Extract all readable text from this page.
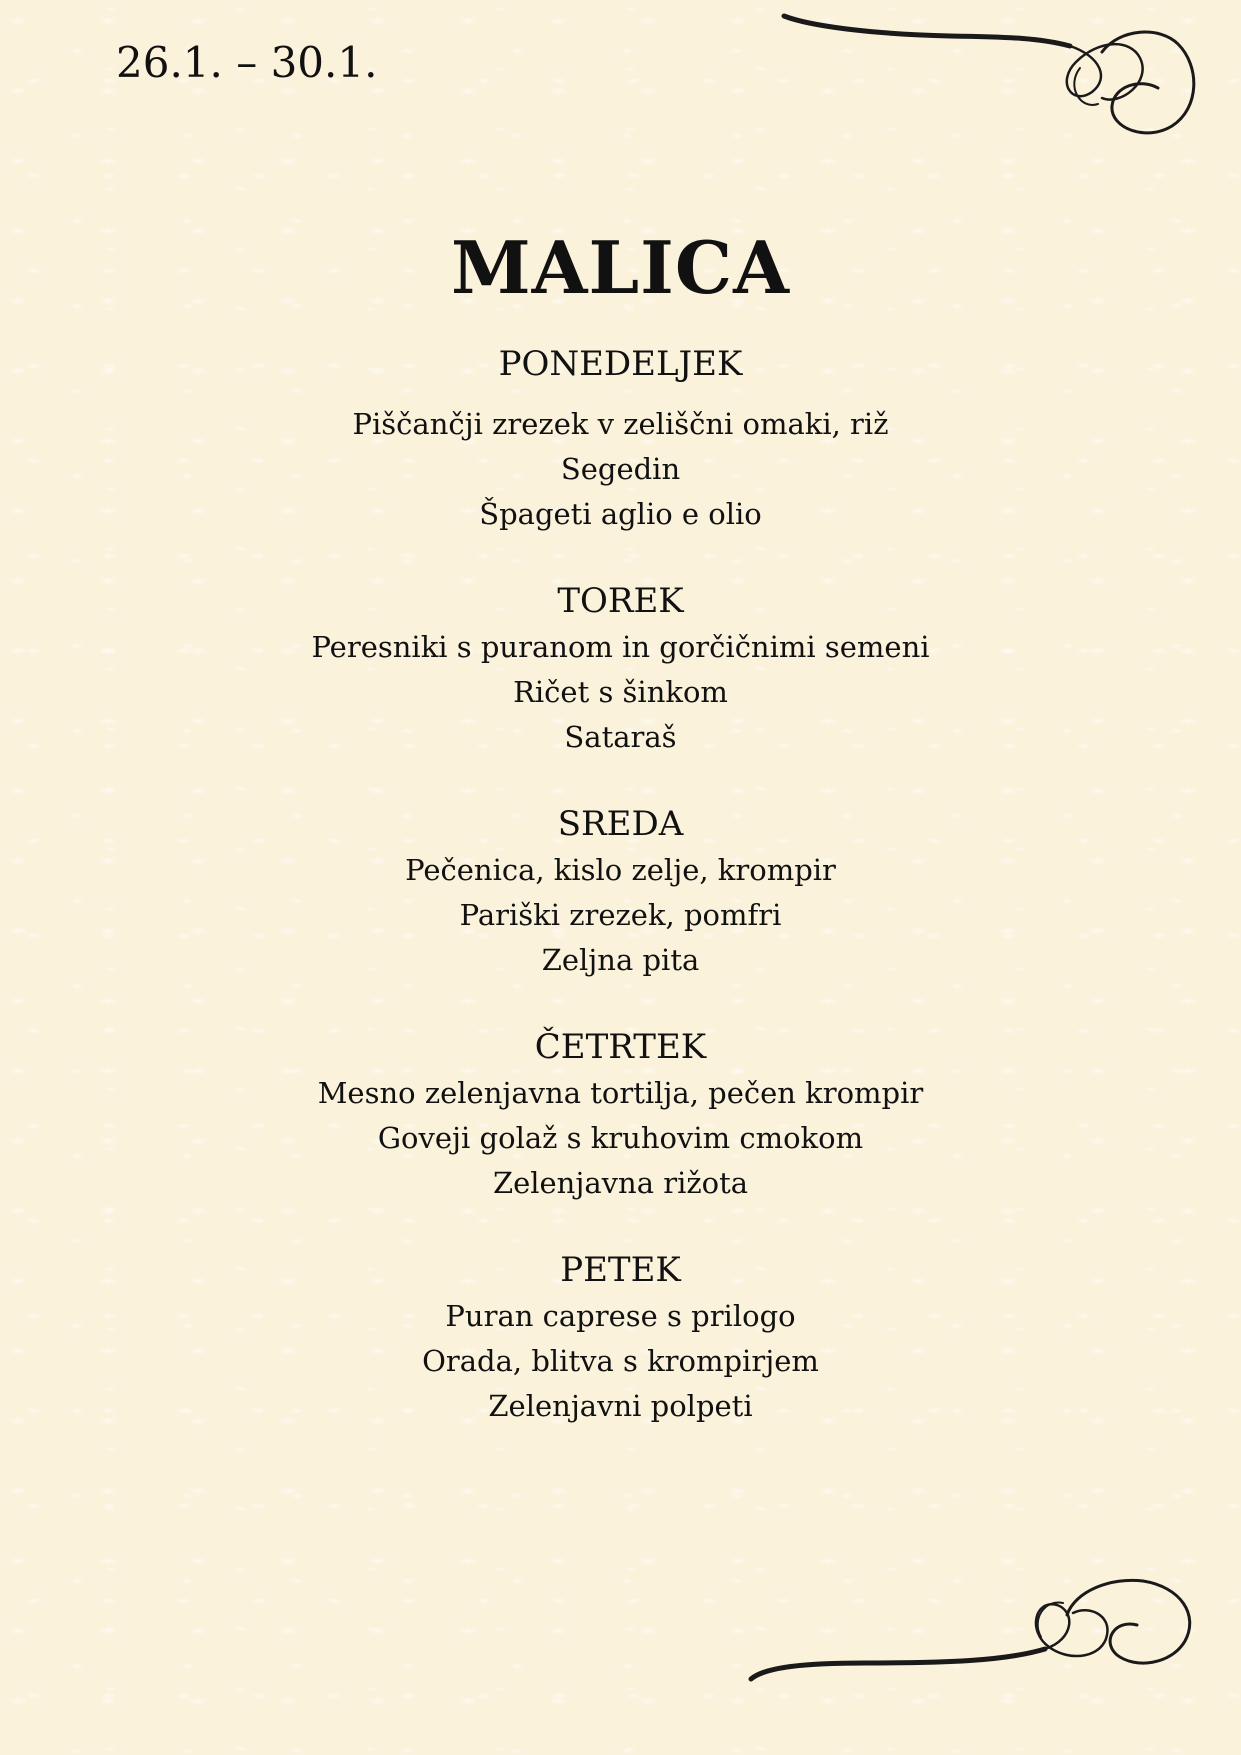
26.1. – 30.1.
MALICA
PONEDELJEK
Piščančji zrezek v zeliščni omaki, riž
Segedin
Špageti aglio e olio
TOREK
Peresniki s puranom in gorčičnimi semeni
Ričet s šinkom
Sataraš
SREDA
Pečenica, kislo zelje, krompir
Pariški zrezek, pomfri
Zeljna pita
ČETRTEK
Mesno zelenjavna tortilja, pečen krompir
Goveji golaž s kruhovim cmokom
Zelenjavna rižota
PETEK
Puran caprese s prilogo
Orada, blitva s krompirjem
Zelenjavni polpeti
